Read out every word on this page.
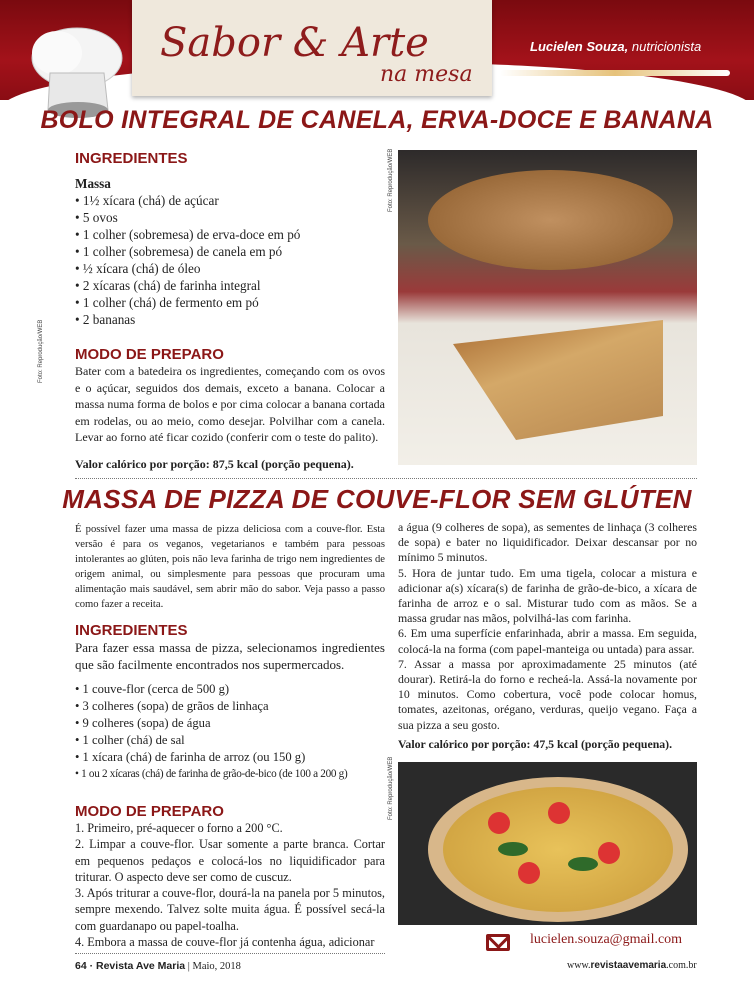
Sabor & Arte
na mesa
Lucielen Souza, nutricionista
BOLO INTEGRAL DE CANELA, ERVA-DOCE E BANANA
INGREDIENTES
Massa
• 1½ xícara (chá) de açúcar
• 5 ovos
• 1 colher (sobremesa) de erva-doce em pó
• 1 colher (sobremesa) de canela em pó
• ½ xícara (chá) de óleo
• 2 xícaras (chá) de farinha integral
• 1 colher (chá) de fermento em pó
• 2 bananas
MODO DE PREPARO

Bater com a batedeira os ingredientes, começando com os ovos e o açúcar, seguidos dos demais, exceto a banana. Colocar a massa numa forma de bolos e por cima colocar a banana cortada em rodelas, ou ao meio, como desejar. Polvilhar com a canela. Levar ao forno até ficar cozido (conferir com o teste do palito).

Valor calórico por porção: 87,5 kcal (porção pequena).

Foto: Reprodução/WEB
Foto: Reprodução/WEB
MASSA DE PIZZA DE COUVE-FLOR SEM GLÚTEN

É possível fazer uma massa de pizza deliciosa com a couve-flor. Esta versão é para os veganos, vegetarianos e também para pessoas intolerantes ao glúten, pois não leva farinha de trigo nem ingredientes de origem animal, ou simplesmente para pessoas que procuram uma alimentação mais saudável, sem abrir mão do sabor. Veja passo a passo como fazer a receita.

INGREDIENTES

Para fazer essa massa de pizza, selecionamos ingredientes que são facilmente encontrados nos supermercados.

• 1 couve-flor (cerca de 500 g)
• 3 colheres (sopa) de grãos de linhaça
• 9 colheres (sopa) de água
• 1 colher (chá) de sal
• 1 xícara (chá) de farinha de arroz (ou 150 g)
• 1 ou 2 xícaras (chá) de farinha de grão-de-bico (de 100 a 200 g)
MODO DE PREPARO

1. Primeiro, pré-aquecer o forno a 200 °C.

2. Limpar a couve-flor. Usar somente a parte branca. Cortar em pequenos pedaços e colocá-los no liquidificador para triturar. O aspecto deve ser como de cuscuz.

3. Após triturar a couve-flor, dourá-la na panela por 5 minutos, sempre mexendo. Talvez solte muita água. É possível secá-la com guardanapo ou papel-toalha.

4. Embora a massa de couve-flor já contenha água, adicionar

a água (9 colheres de sopa), as sementes de linhaça (3 colheres de sopa) e bater no liquidificador. Deixar descansar por no mínimo 5 minutos.

5. Hora de juntar tudo. Em uma tigela, colocar a mistura e adicionar a(s) xícara(s) de farinha de grão-de-bico, a xícara de farinha de arroz e o sal. Misturar tudo com as mãos. Se a massa grudar nas mãos, polvilhá-las com farinha.

6. Em uma superfície enfarinhada, abrir a massa. Em seguida, colocá-la na forma (com papel-manteiga ou untada) para assar.

7. Assar a massa por aproximadamente 25 minutos (até dourar). Retirá-la do forno e recheá-la. Assá-la novamente por 10 minutos. Como cobertura, você pode colocar homus, tomates, azeitonas, orégano, verduras, queijo vegano. Faça a sua pizza a seu gosto.

Valor calórico por porção: 47,5 kcal (porção pequena).

Foto: Reprodução/WEB
lucielen.souza@gmail.com
64 · Revista Ave Maria | Maio, 2018	www.revistaavemaria.com.br
